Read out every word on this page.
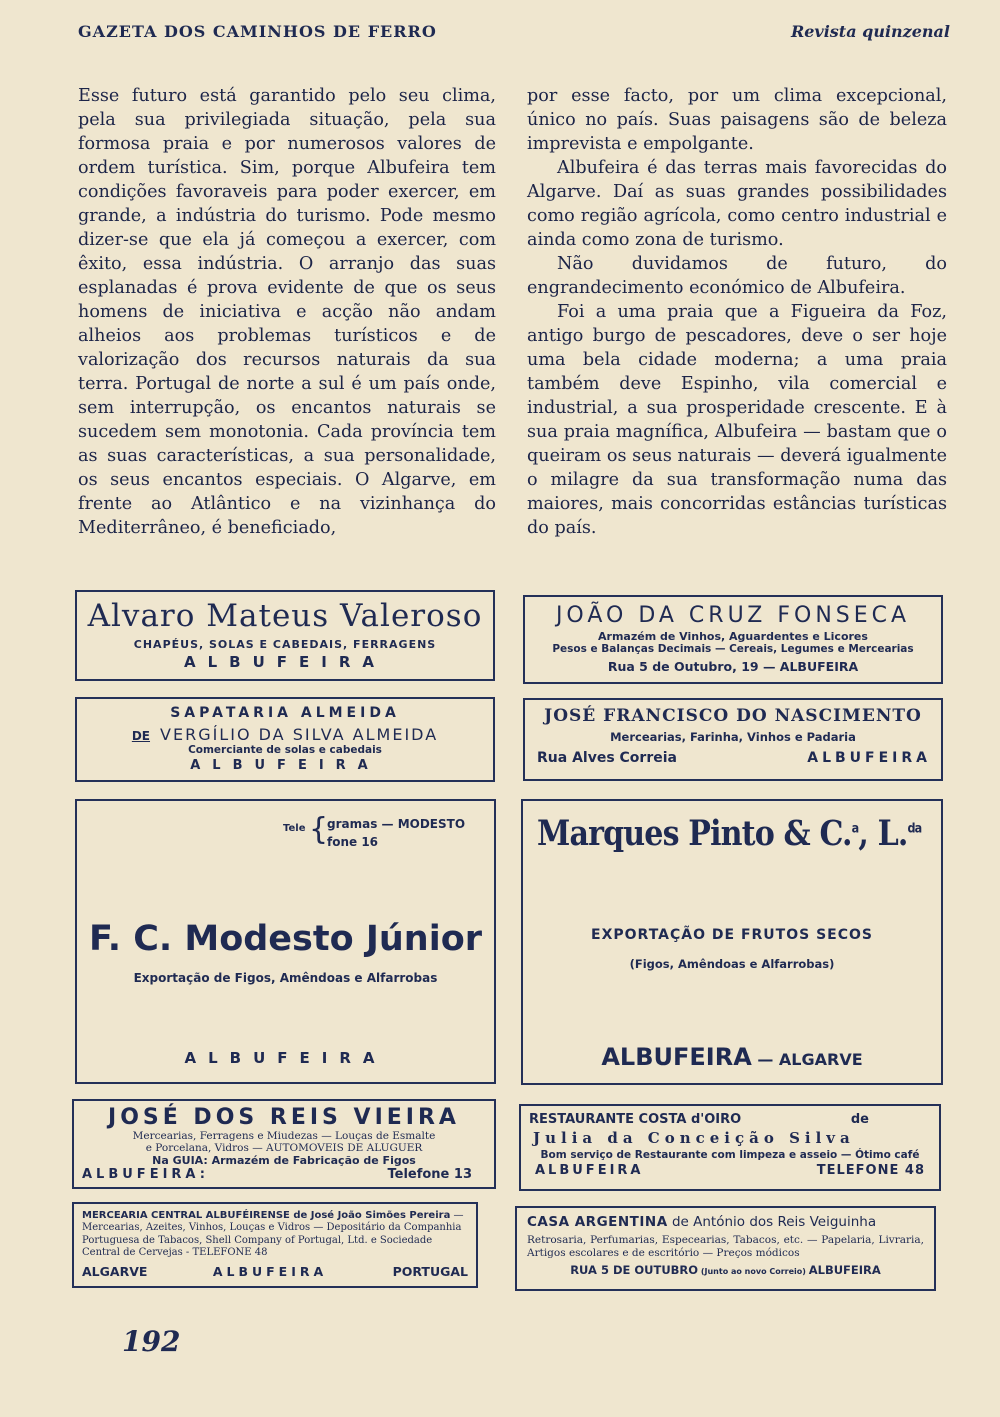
GAZETA DOS CAMINHOS DE FERRO	Revista quinzenal

Esse futuro está garantido pelo seu clima, pela sua privilegiada situação, pela sua formosa praia e por numerosos valores de ordem turística. Sim, porque Albufeira tem condições favoraveis para poder exercer, em grande, a indústria do turismo. Pode mesmo dizer-se que ela já começou a exercer, com êxito, essa indústria. O arranjo das suas esplanadas é prova evidente de que os seus homens de iniciativa e acção não andam alheios aos problemas turísticos e de valorização dos recursos naturais da sua terra. Portugal de norte a sul é um país onde, sem interrupção, os encantos naturais se sucedem sem monotonia. Cada província tem as suas características, a sua personalidade, os seus encantos especiais. O Algarve, em frente ao Atlântico e na vizinhança do Mediterrâneo, é beneficiado,

por esse facto, por um clima excepcional, único no país. Suas paisagens são de beleza imprevista e empolgante.

Albufeira é das terras mais favorecidas do Algarve. Daí as suas grandes possibilidades como região agrícola, como centro industrial e ainda como zona de turismo.

Não duvidamos de futuro, do engrandecimento económico de Albufeira.

Foi a uma praia que a Figueira da Foz, antigo burgo de pescadores, deve o ser hoje uma bela cidade moderna; a uma praia também deve Espinho, vila comercial e industrial, a sua prosperidade crescente. E à sua praia magnífica, Albufeira — bastam que o queiram os seus naturais — deverá igualmente o milagre da sua transformação numa das maiores, mais concorridas estâncias turísticas do país.

Alvaro Mateus Valeroso
CHAPÉUS, SOLAS E CABEDAIS, FERRAGENS
ALBUFEIRA
JOÃO DA CRUZ FONSECA
Armazém de Vinhos, Aguardentes e Licores
Pesos e Balanças Decimais — Cereais, Legumes e Mercearias
Rua 5 de Outubro, 19 — ALBUFEIRA
SAPATARIA ALMEIDA
DE VERGÍLIO DA SILVA ALMEIDA
Comerciante de solas e cabedais
ALBUFEIRA
JOSÉ FRANCISCO DO NASCIMENTO
Mercearias, Farinha, Vinhos e Padaria
Rua Alves Correia	ALBUFEIRA
Tele {
gramas — MODESTO
fone 16
F. C. Modesto Júnior
Exportação de Figos, Amêndoas e Alfarrobas
ALBUFEIRA
Marques Pinto & C.$^a$, L.$^{da}$
EXPORTAÇÃO DE FRUTOS SECOS
(Figos, Amêndoas e Alfarrobas)
ALBUFEIRA — ALGARVE
JOSÉ DOS REIS VIEIRA
Mercearias, Ferragens e Miudezas — Louças de Esmalte
e Porcelana, Vidros — AUTOMOVEIS DE ALUGUER
Na GUIA: Armazém de Fabricação de Figos
ALBUFEIRA:	Telefone 13
RESTAURANTE COSTA d'OIRO	de
Julia da Conceição Silva
Bom serviço de Restaurante com limpeza e asseio — Ótimo café
ALBUFEIRA	TELEFONE 48
MERCEARIA CENTRAL ALBUFÉIRENSE de José João Simões Pereira — Mercearias, Azeites, Vinhos, Louças e Vidros — Depositário da Companhia Portuguesa de Tabacos, Shell Company of Portugal, Ltd. e Sociedade Central de Cervejas - TELEFONE 48
ALGARVE	ALBUFEIRA	PORTUGAL
CASA ARGENTINA de António dos Reis Veiguinha
Retrosaria, Perfumarias, Especearias, Tabacos, etc. — Papelaria, Livraria, Artigos escolares e de escritório — Preços módicos
RUA 5 DE OUTUBRO (Junto ao novo Correio) ALBUFEIRA
192
